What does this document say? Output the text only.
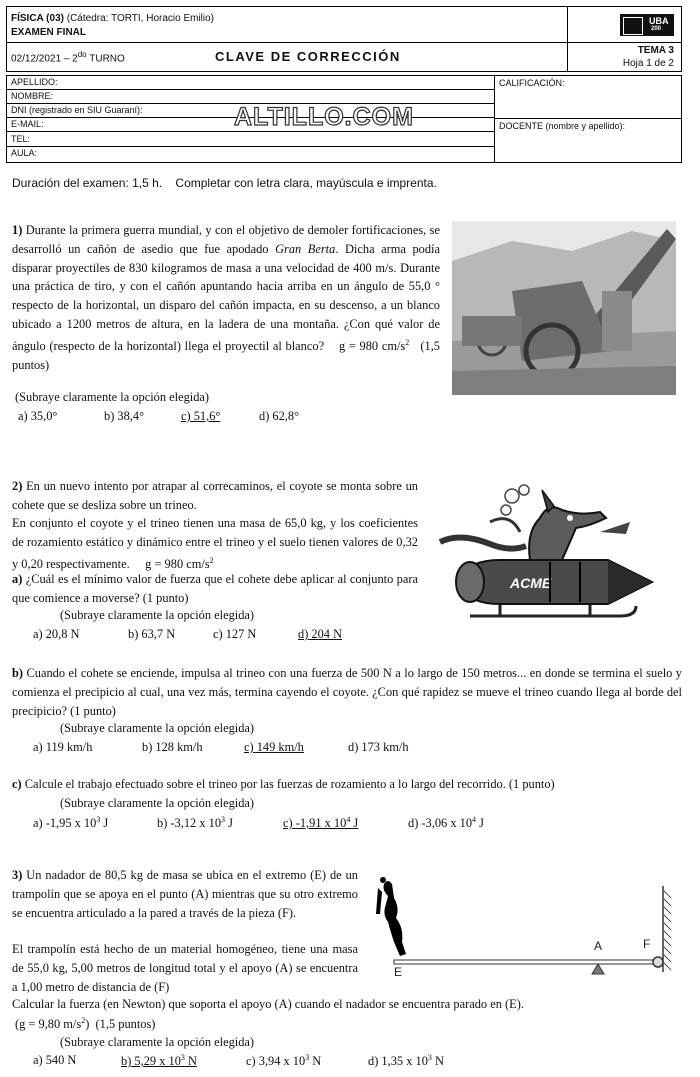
FÍSICA (03) (Cátedra: TORTI, Horacio Emilio)
EXAMEN FINAL
$02/12/2021 - 2^{do}$ TURNO	CLAVE DE CORRECCIÓN	TEMA 3
Hoja 1 de 2
UBA
200
APELLIDO:
NOMBRE:
DNI (registrado en SIU Guaraní):
E-MAIL:
TEL:
AULA:
CALIFICACIÓN:
DOCENTE (nombre y apellido):
ALTILLO.COM
Duración del examen: 1,5 h.    Completar con letra clara, mayúscula e imprenta.
1) Durante la primera guerra mundial, y con el objetivo de demoler fortificaciones, se desarrolló un cañón de asedio que fue apodado Gran Berta. Dicha arma podía disparar proyectiles de 830 kilogramos de masa a una velocidad de 400 m/s. Durante una práctica de tiro, y con el cañón apuntando hacia arriba en un ángulo de 55,0 ° respecto de la horizontal, un disparo del cañón impacta, en su descenso, a un blanco ubicado a 1200 metros de altura, en la ladera de una montaña. ¿Con qué valor de ángulo (respecto de la horizontal) llega el proyectil al blanco? g = 980 $cm/s^2$ (1,5 puntos)
(Subraye claramente la opción elegida)
a) 35,0°	b) 38,4°	c) 51,6°	d) 62,8°
2) En un nuevo intento por atrapar al correcaminos, el coyote se monta sobre un cohete que se desliza sobre un trineo.
En conjunto el coyote y el trineo tienen una masa de 65,0 kg, y los coeficientes de rozamiento estático y dinámico entre el trineo y el suelo tienen valores de 0,32 y 0,20 respectivamente. g = 980 $cm/s^2$
a) ¿Cuál es el mínimo valor de fuerza que el cohete debe aplicar al conjunto para que comience a moverse? (1 punto)
(Subraye claramente la opción elegida)
a) 20,8 N	b) 63,7 N	c) 127 N	d) 204 N
ACME
b) Cuando el cohete se enciende, impulsa al trineo con una fuerza de 500 N a lo largo de 150 metros... en donde se termina el suelo y comienza el precipicio al cual, una vez más, termina cayendo el coyote. ¿Con qué rapidez se mueve el trineo cuando llega al borde del precipicio? (1 punto)
(Subraye claramente la opción elegida)
a) 119 km/h	b) 128 km/h	c) 149 km/h	d) 173 km/h
c) Calcule el trabajo efectuado sobre el trineo por las fuerzas de rozamiento a lo largo del recorrido. (1 punto)
(Subraye claramente la opción elegida)
a) -1,95 x $10^3$ J	b) -3,12 x $10^3$ J	c) -1,91 x $10^4$ J	d) -3,06 x $10^4$ J
3) Un nadador de 80,5 kg de masa se ubica en el extremo (E) de un trampolín que se apoya en el punto (A) mientras que su otro extremo se encuentra articulado a la pared a través de la pieza (F).
El trampolín está hecho de un material homogéneo, tiene una masa de 55,0 kg, 5,00 metros de longitud total y el apoyo (A) se encuentra a 1,00 metro de distancia de (F)
Calcular la fuerza (en Newton) que soporta el apoyo (A) cuando el nadador se encuentra parado en (E).
(g = 9,80 $m/s^2$) (1,5 puntos)
(Subraye claramente la opción elegida)
a) 540 N	b) 5,29 x $10^3$ N	c) 3,94 x $10^3$ N	d) 1,35 x $10^3$ N
E
A	F
